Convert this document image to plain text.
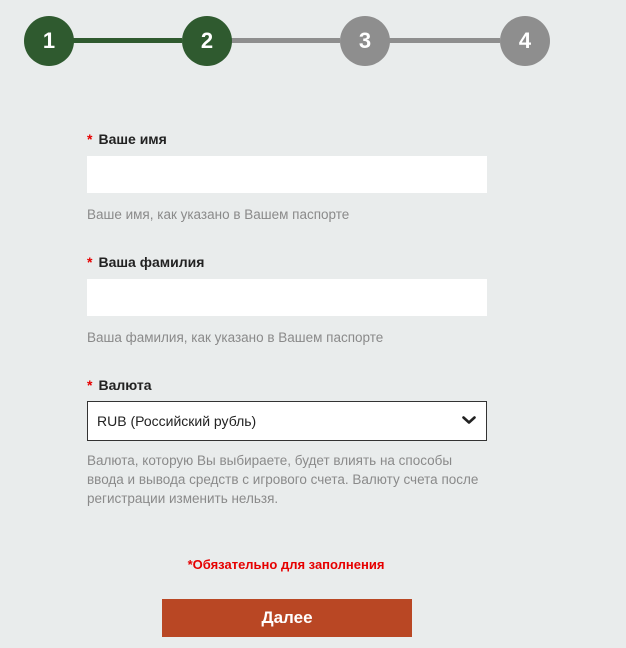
1	2	3	4
* Ваше имя
Ваше имя, как указано в Вашем паспорте
* Ваша фамилия
Ваша фамилия, как указано в Вашем паспорте
* Валюта
RUB (Российский рубль)
Валюта, которую Вы выбираете, будет влиять на способы ввода и вывода средств с игрового счета. Валюту счета после регистрации изменить нельзя.
*Обязательно для заполнения
Далее
